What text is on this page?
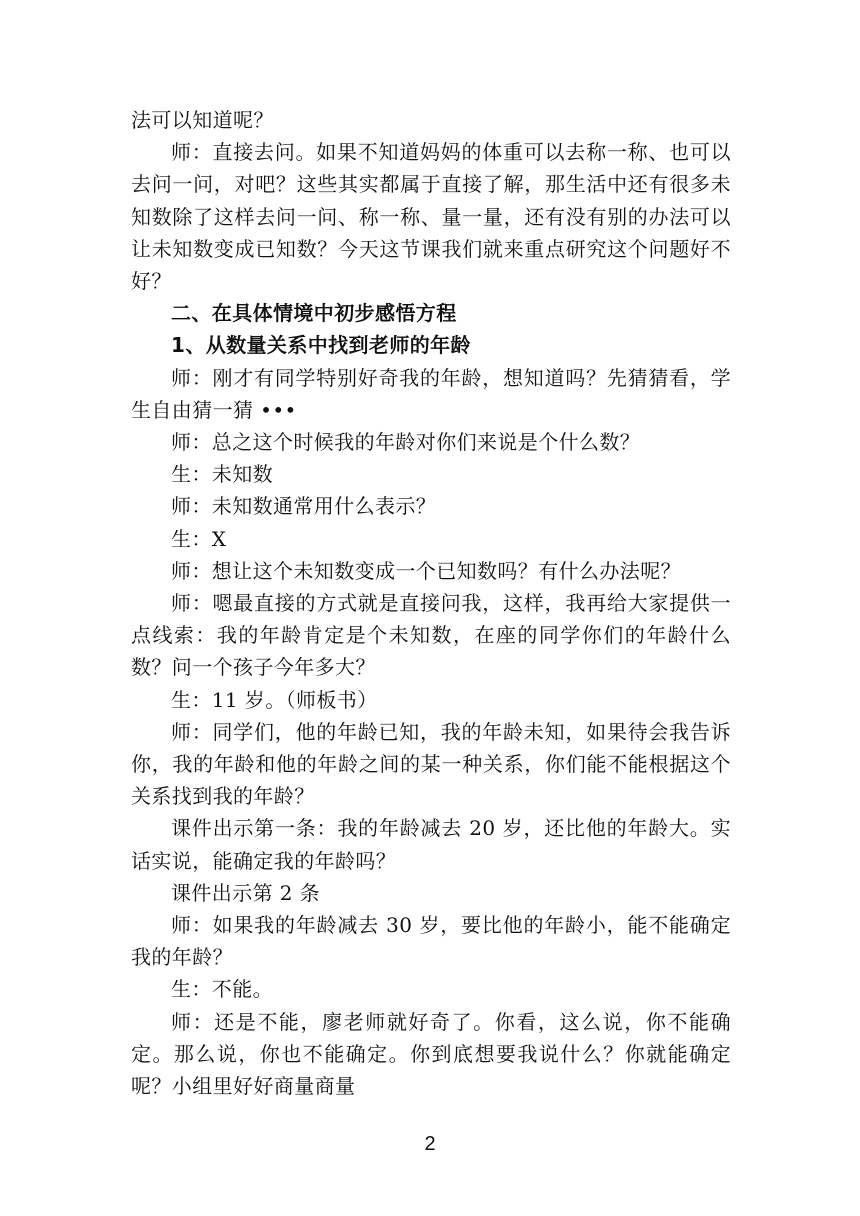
法可以知道呢？

师：直接去问。如果不知道妈妈的体重可以去称一称、也可以去问一问，对吧？这些其实都属于直接了解，那生活中还有很多未知数除了这样去问一问、称一称、量一量，还有没有别的办法可以让未知数变成已知数？今天这节课我们就来重点研究这个问题好不好？

二、在具体情境中初步感悟方程

1、从数量关系中找到老师的年龄

师：刚才有同学特别好奇我的年龄，想知道吗？先猜猜看，学生自由猜一猜 •••

师：总之这个时候我的年龄对你们来说是个什么数？

生：未知数

师：未知数通常用什么表示？

生：X

师：想让这个未知数变成一个已知数吗？有什么办法呢？

师：嗯最直接的方式就是直接问我，这样，我再给大家提供一点线索：我的年龄肯定是个未知数，在座的同学你们的年龄什么数？问一个孩子今年多大？

生：11 岁。（师板书）

师：同学们，他的年龄已知，我的年龄未知，如果待会我告诉你，我的年龄和他的年龄之间的某一种关系，你们能不能根据这个关系找到我的年龄？

课件出示第一条：我的年龄减去 20 岁，还比他的年龄大。实话实说，能确定我的年龄吗？

课件出示第 2 条

师：如果我的年龄减去 30 岁，要比他的年龄小，能不能确定我的年龄？

生：不能。

师：还是不能，廖老师就好奇了。你看，这么说，你不能确定。那么说，你也不能确定。你到底想要我说什么？你就能确定呢？小组里好好商量商量

2
